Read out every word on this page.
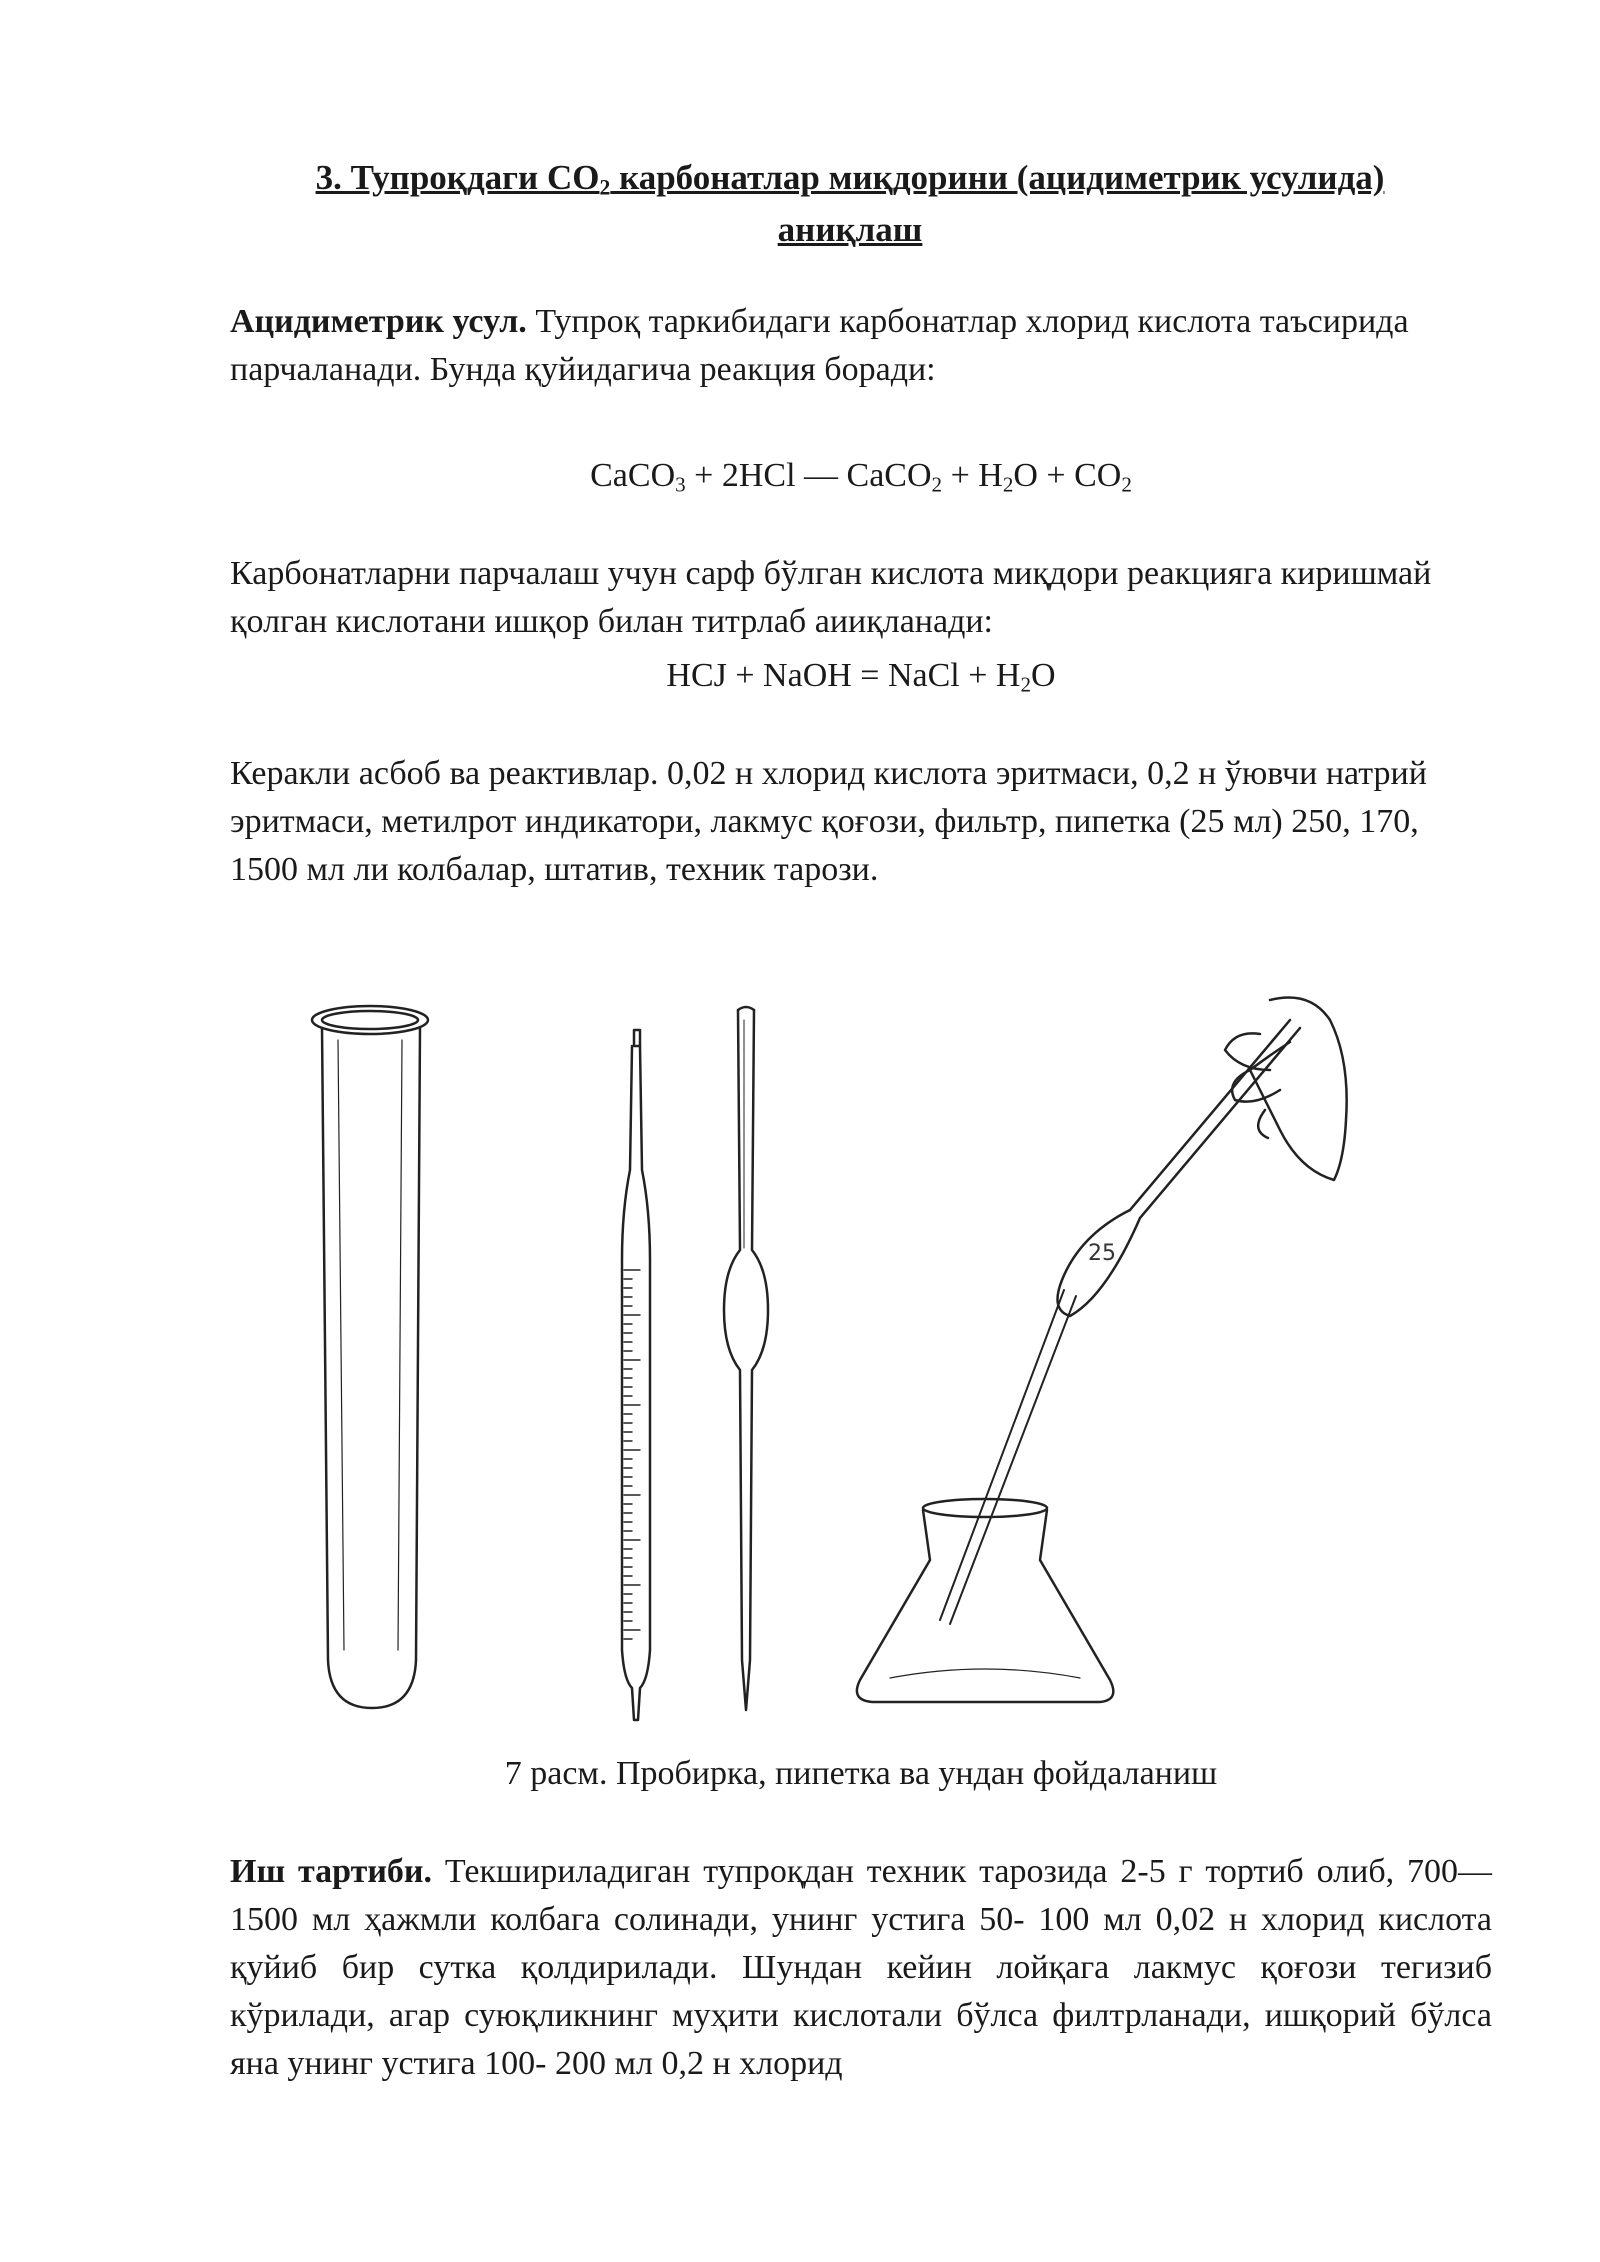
3. Тупроқдаги $CO_2$ карбонатлар миқдорини (ацидиметрик усулида)
аниқлаш
Ацидиметрик усул. Тупроқ таркибидаги карбонатлар хлорид кислота таъсирида парчаланади. Бунда қуйидагича реакция боради:
CaCO$_3$ + 2HCl — CaCO$_2$ + $H_2O + CO_2$
Карбонатларни парчалаш учун сарф бўлган кислота миқдори реакцияга киришмай қолган кислотани ишқор билан титрлаб аииқланади:
HCJ + NaOH = NaCl + $H_2O$
Керакли асбоб ва реактивлар. 0,02 н хлорид кислота эритмаси, 0,2 н ўювчи натрий эритмаси, метилрот индикатори, лакмус қоғози, фильтр, пипетка (25 мл) 250, 170, 1500 мл ли колбалар, штатив, техник тарози.
25
7 расм. Пробирка, пипетка ва ундан фойдаланиш
Иш тартиби. Текшириладиган тупроқдан техник тарозида 2-5 г тортиб олиб, 700— 1500 мл ҳажмли колбага солинади, унинг устига 50- 100 мл 0,02 н хлорид кислота қуйиб бир сутка қолдирилади. Шундан кейин лойқага лакмус қоғози тегизиб кўрилади, агар суюқликнинг муҳити кислотали бўлса филтрланади, ишқорий бўлса яна унинг устига 100- 200 мл 0,2 н хлорид
